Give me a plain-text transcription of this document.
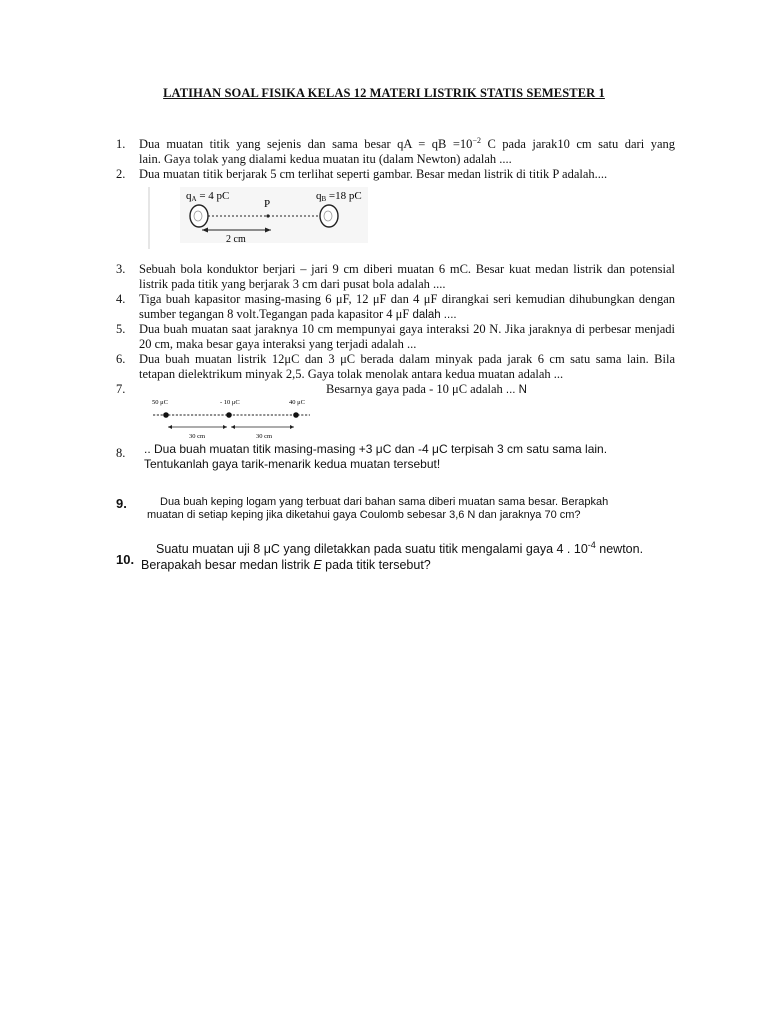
LATIHAN SOAL FISIKA KELAS 12 MATERI LISTRIK STATIS SEMESTER 1
1. Dua muatan titik yang sejenis dan sama besar qA = qB $=10^{-2}$ C pada jarak10 cm satu dari yang
lain. Gaya tolak yang dialami kedua muatan itu (dalam Newton) adalah ....
2. Dua muatan titik berjarak 5 cm terlihat seperti gambar. Besar medan listrik di titik P adalah....
qA = 4 pC
P
qB =18 pC
2 cm
3. Sebuah bola konduktor berjari – jari 9 cm diberi muatan 6 mC. Besar kuat medan listrik dan potensial listrik pada titik yang berjarak 3 cm dari pusat bola adalah ....
4. Tiga buah kapasitor masing-masing 6 μF, 12 μF dan 4 μF dirangkai seri kemudian dihubungkan dengan sumber tegangan 8 volt.Tegangan pada kapasitor 4 μF dalah ....
5. Dua buah muatan saat jaraknya 10 cm mempunyai gaya interaksi 20 N. Jika jaraknya di perbesar menjadi 20 cm, maka besar gaya interaksi yang terjadi adalah ...
6. Dua buah muatan listrik 12μC dan 3 μC berada dalam minyak pada jarak 6 cm satu sama lain. Bila
tetapan dielektrikum minyak 2,5. Gaya tolak menolak antara kedua muatan adalah ...
7.	Besarnya gaya pada - 10 μC adalah ... N
50 μC	- 10 μC	40 μC
30 cm	30 cm
8. .. Dua buah muatan titik masing-masing +3 μC dan -4 μC terpisah 3 cm satu sama lain.
Tentukanlah gaya tarik-menarik kedua muatan tersebut!
9.	Dua buah keping logam yang terbuat dari bahan sama diberi muatan sama besar. Berapkah
muatan di setiap keping jika diketahui gaya Coulomb sebesar 3,6 N dan jaraknya 70 cm?
10.
Suatu muatan uji 8 μC yang diletakkan pada suatu titik mengalami gaya 4 . $10^{-4}$ newton.
Berapakah besar medan listrik E pada titik tersebut?
